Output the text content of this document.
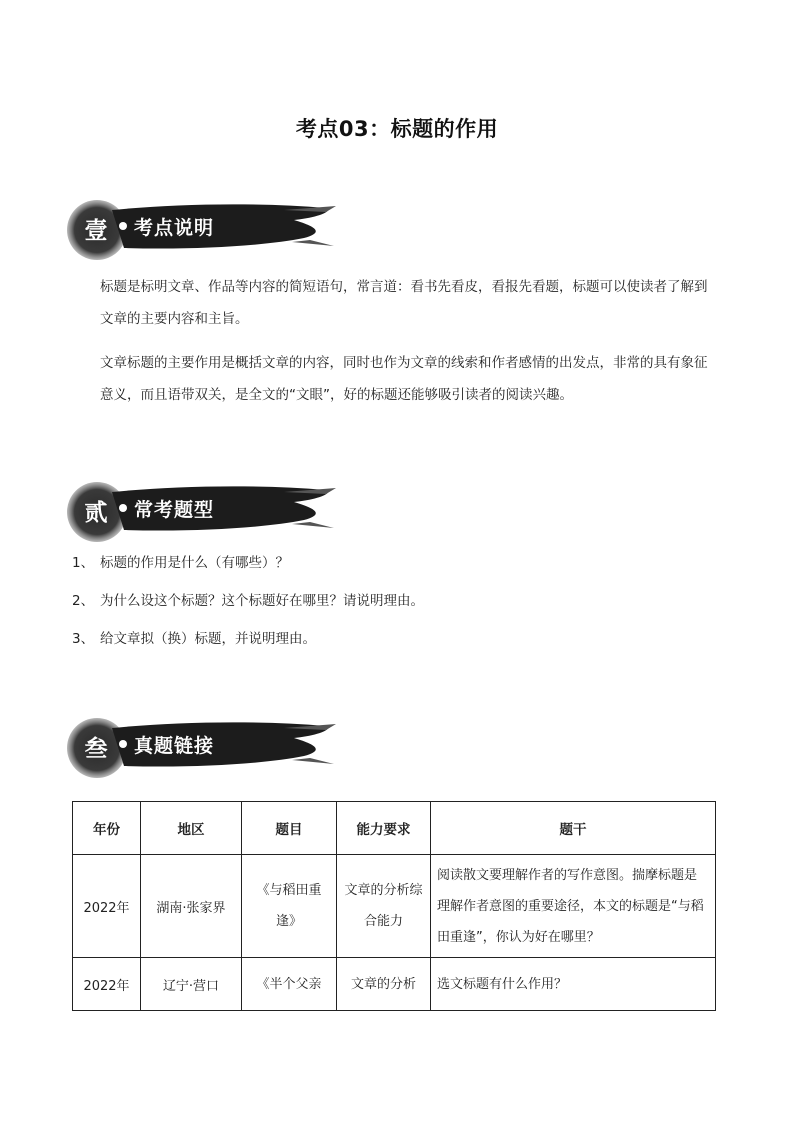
考点03：标题的作用
壹	考点说明

标题是标明文章、作品等内容的简短语句，常言道：看书先看皮，看报先看题，标题可以使读者了解到文章的主要内容和主旨。

文章标题的主要作用是概括文章的内容，同时也作为文章的线索和作者感情的出发点，非常的具有象征意义，而且语带双关，是全文的“文眼”，好的标题还能够吸引读者的阅读兴趣。

贰	常考题型
1、 标题的作用是什么（有哪些）？
2、 为什么设这个标题？这个标题好在哪里？请说明理由。
3、 给文章拟（换）标题，并说明理由。
叁	真题链接
年份	地区	题目	能力要求	题干
2022年	湖南·张家界	《与稻田重逢》	文章的分析综合能力	阅读散文要理解作者的写作意图。揣摩标题是理解作者意图的重要途径，本文的标题是“与稻田重逢”，你认为好在哪里？
2022年	辽宁·营口	《半个父亲	文章的分析	选文标题有什么作用？
